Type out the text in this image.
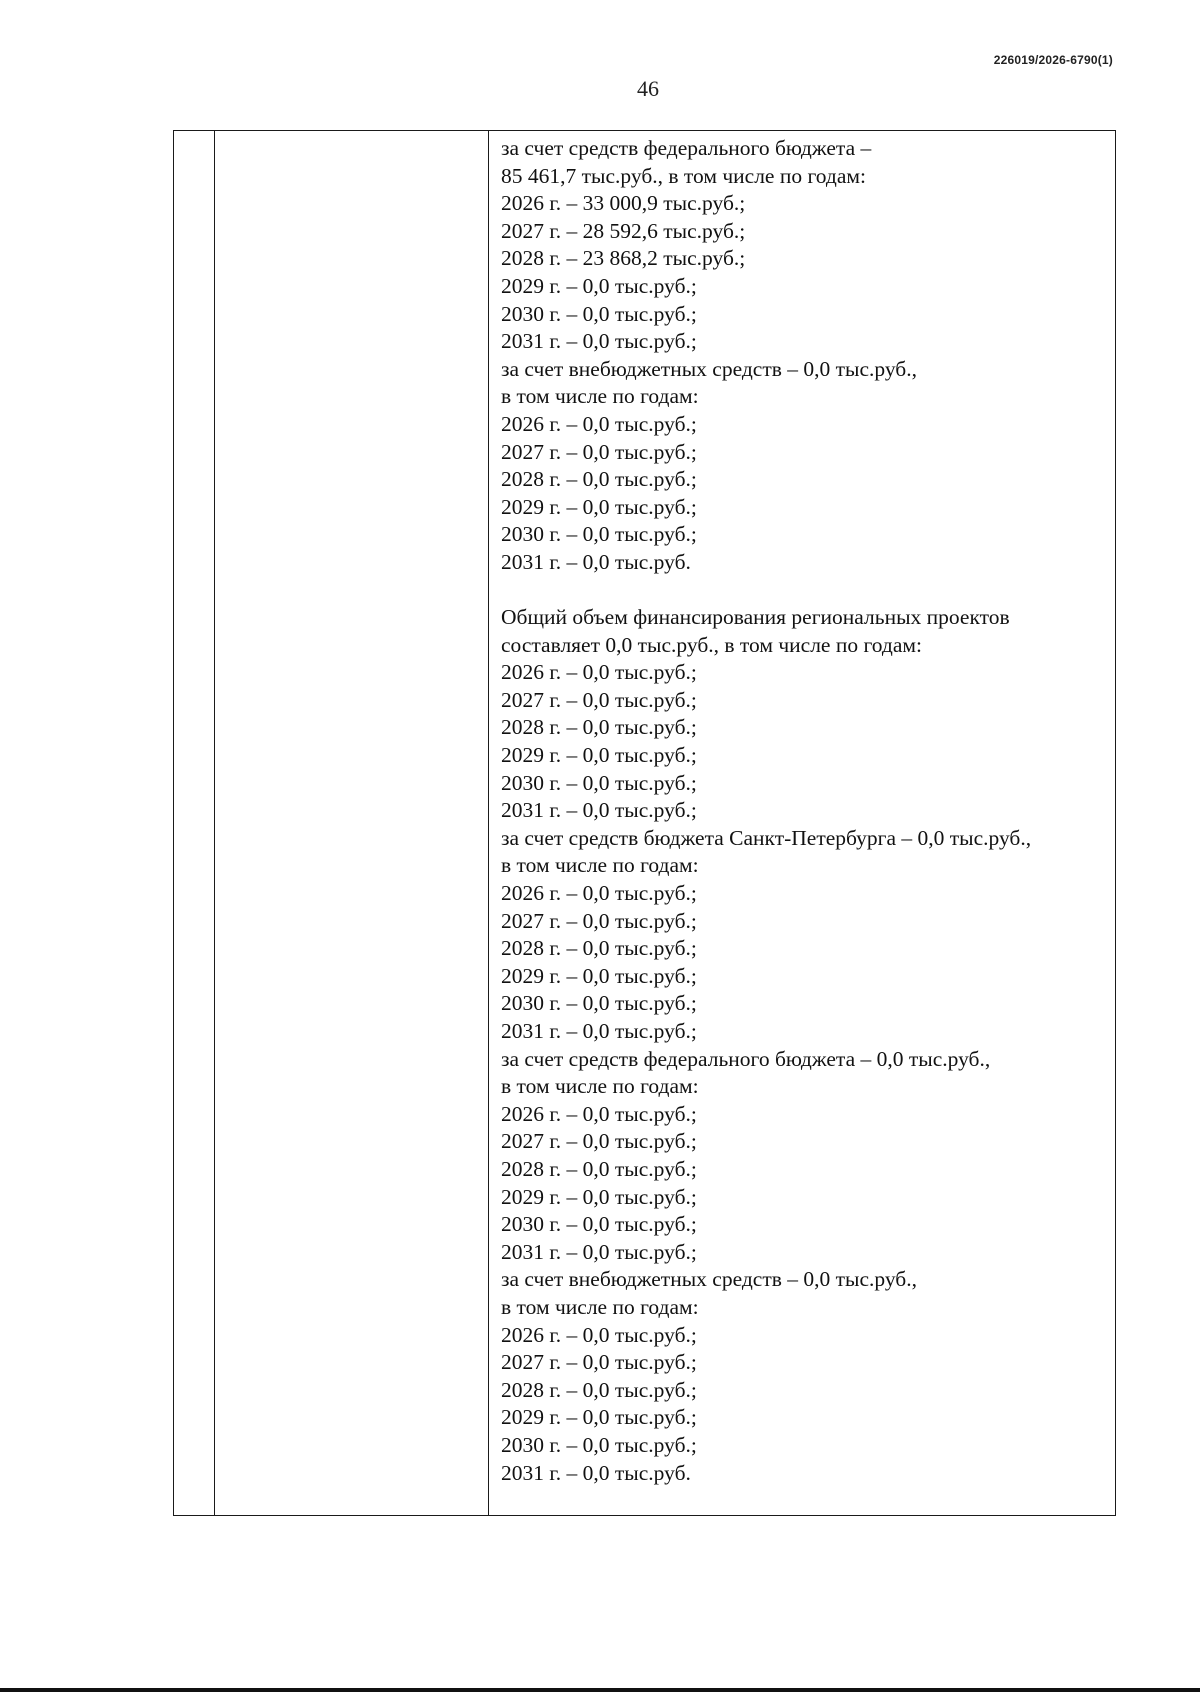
226019/2026-6790(1)
46
за счет средств федерального бюджета –
85 461,7 тыс.руб., в том числе по годам:
2026 г. – 33 000,9 тыс.руб.;
2027 г. – 28 592,6 тыс.руб.;
2028 г. – 23 868,2 тыс.руб.;
2029 г. – 0,0 тыс.руб.;
2030 г. – 0,0 тыс.руб.;
2031 г. – 0,0 тыс.руб.;
за счет внебюджетных средств – 0,0 тыс.руб.,
в том числе по годам:
2026 г. – 0,0 тыс.руб.;
2027 г. – 0,0 тыс.руб.;
2028 г. – 0,0 тыс.руб.;
2029 г. – 0,0 тыс.руб.;
2030 г. – 0,0 тыс.руб.;
2031 г. – 0,0 тыс.руб.
Общий объем финансирования региональных проектов
составляет 0,0 тыс.руб., в том числе по годам:
2026 г. – 0,0 тыс.руб.;
2027 г. – 0,0 тыс.руб.;
2028 г. – 0,0 тыс.руб.;
2029 г. – 0,0 тыс.руб.;
2030 г. – 0,0 тыс.руб.;
2031 г. – 0,0 тыс.руб.;
за счет средств бюджета Санкт-Петербурга – 0,0 тыс.руб.,
в том числе по годам:
2026 г. – 0,0 тыс.руб.;
2027 г. – 0,0 тыс.руб.;
2028 г. – 0,0 тыс.руб.;
2029 г. – 0,0 тыс.руб.;
2030 г. – 0,0 тыс.руб.;
2031 г. – 0,0 тыс.руб.;
за счет средств федерального бюджета – 0,0 тыс.руб.,
в том числе по годам:
2026 г. – 0,0 тыс.руб.;
2027 г. – 0,0 тыс.руб.;
2028 г. – 0,0 тыс.руб.;
2029 г. – 0,0 тыс.руб.;
2030 г. – 0,0 тыс.руб.;
2031 г. – 0,0 тыс.руб.;
за счет внебюджетных средств – 0,0 тыс.руб.,
в том числе по годам:
2026 г. – 0,0 тыс.руб.;
2027 г. – 0,0 тыс.руб.;
2028 г. – 0,0 тыс.руб.;
2029 г. – 0,0 тыс.руб.;
2030 г. – 0,0 тыс.руб.;
2031 г. – 0,0 тыс.руб.
